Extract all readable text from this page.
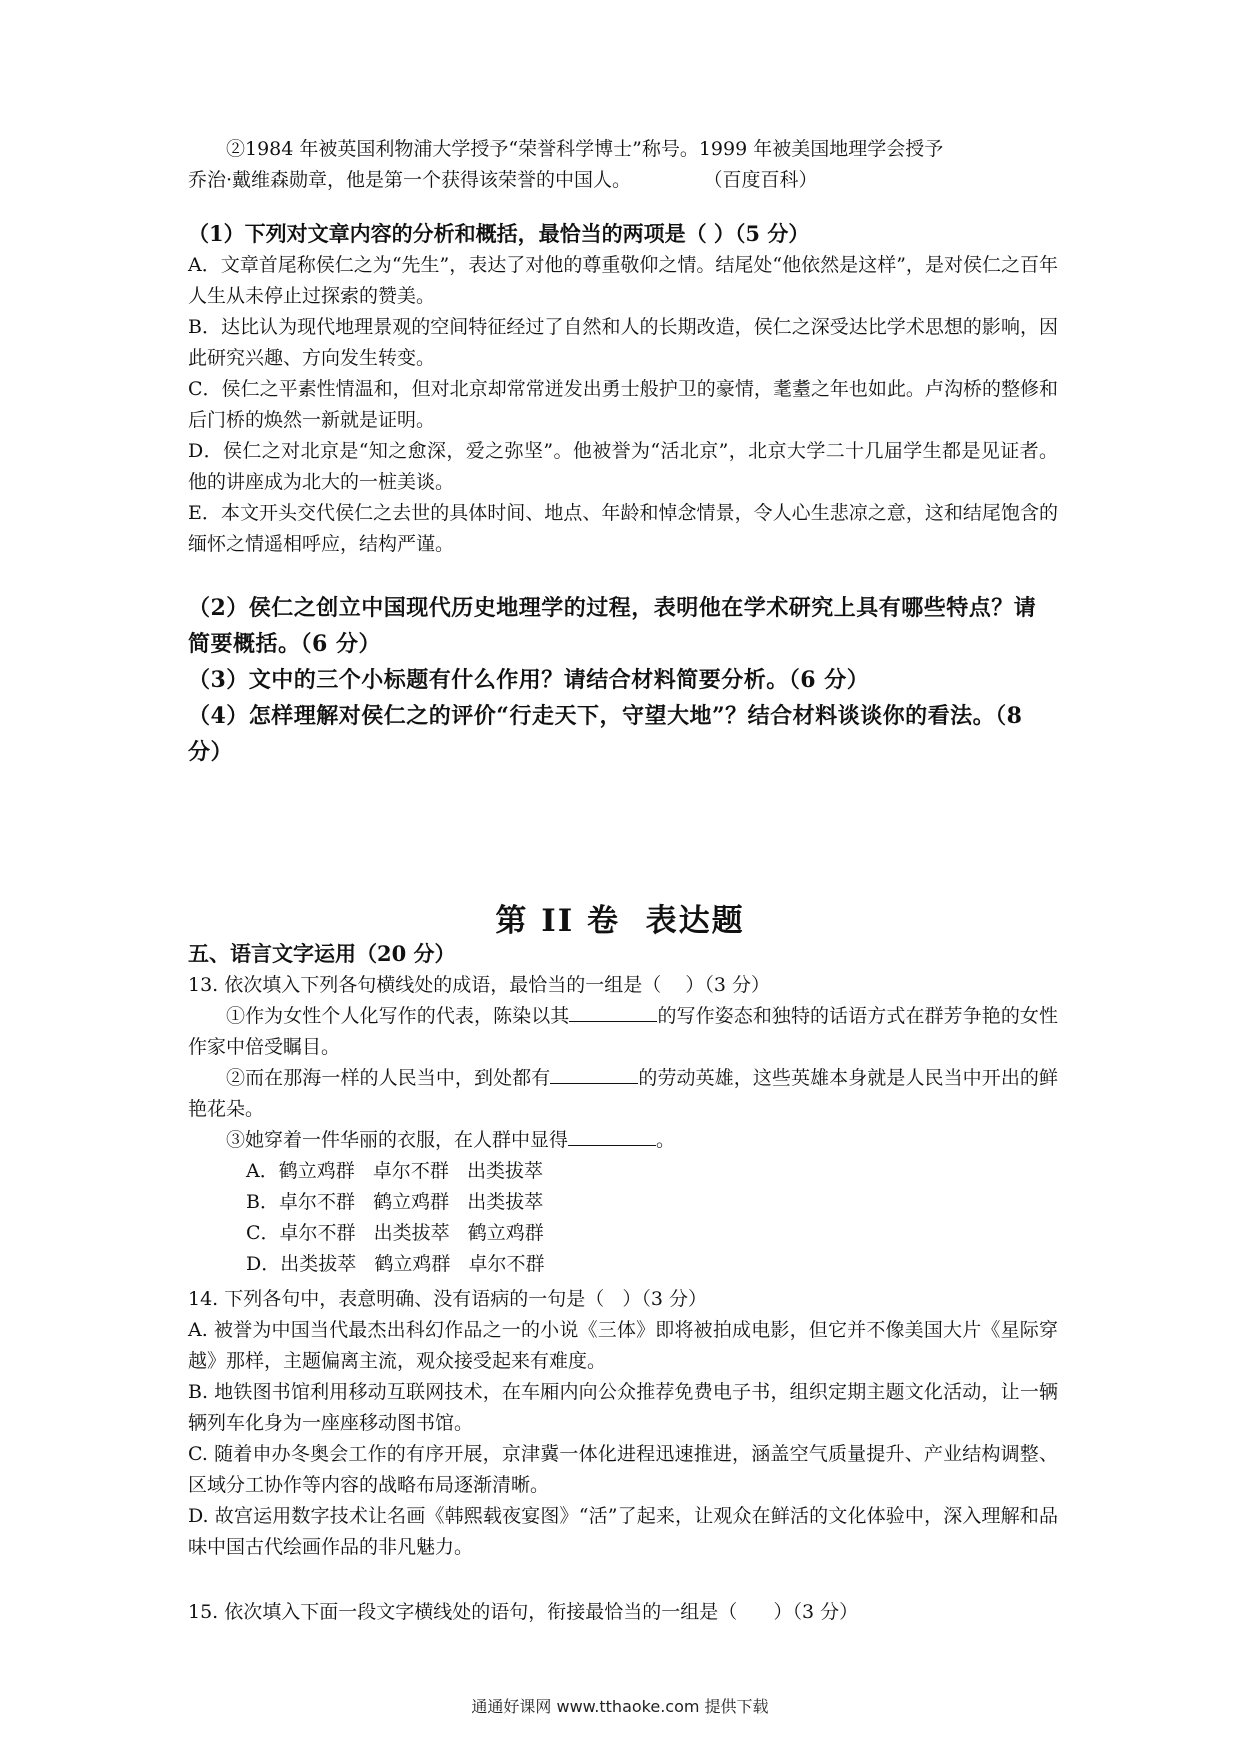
②1984 年被英国利物浦大学授予“荣誉科学博士”称号。1999 年被美国地理学会授予

乔治·戴维森勋章，他是第一个获得该荣誉的中国人。            （百度百科）

（1）下列对文章内容的分析和概括，最恰当的两项是（ ）（5 分）

A．文章首尾称侯仁之为“先生”，表达了对他的尊重敬仰之情。结尾处“他依然是这样”，是对侯仁之百年人生从未停止过探索的赞美。

B．达比认为现代地理景观的空间特征经过了自然和人的长期改造，侯仁之深受达比学术思想的影响，因此研究兴趣、方向发生转变。

C．侯仁之平素性情温和，但对北京却常常迸发出勇士般护卫的豪情，耄耋之年也如此。卢沟桥的整修和后门桥的焕然一新就是证明。

D．侯仁之对北京是“知之愈深，爱之弥坚”。他被誉为“活北京”，北京大学二十几届学生都是见证者。他的讲座成为北大的一桩美谈。

E．本文开头交代侯仁之去世的具体时间、地点、年龄和悼念情景，令人心生悲凉之意，这和结尾饱含的缅怀之情遥相呼应，结构严谨。

（2）侯仁之创立中国现代历史地理学的过程，表明他在学术研究上具有哪些特点？请简要概括。（6 分）

（3）文中的三个小标题有什么作用？请结合材料简要分析。（6 分）

（4）怎样理解对侯仁之的评价“行走天下，守望大地”？结合材料谈谈你的看法。（8 分）

第 II 卷  表达题

五、语言文字运用（20 分）

13. 依次填入下列各句横线处的成语，最恰当的一组是（    ）（3 分）

①作为女性个人化写作的代表，陈染以其	的写作姿态和独特的话语方式在群芳争艳的女性作家中倍受瞩目。

②而在那海一样的人民当中，到处都有	的劳动英雄，这些英雄本身就是人民当中开出的鲜艳花朵。

③她穿着一件华丽的衣服，在人群中显得	。

A．鹤立鸡群   卓尔不群   出类拔萃

B．卓尔不群   鹤立鸡群   出类拔萃

C．卓尔不群   出类拔萃   鹤立鸡群

D．出类拔萃   鹤立鸡群   卓尔不群

14. 下列各句中，表意明确、没有语病的一句是（   ）（3 分）

A. 被誉为中国当代最杰出科幻作品之一的小说《三体》即将被拍成电影，但它并不像美国大片《星际穿越》那样，主题偏离主流，观众接受起来有难度。

B. 地铁图书馆利用移动互联网技术，在车厢内向公众推荐免费电子书，组织定期主题文化活动，让一辆辆列车化身为一座座移动图书馆。

C. 随着申办冬奥会工作的有序开展，京津冀一体化进程迅速推进，涵盖空气质量提升、产业结构调整、区域分工协作等内容的战略布局逐渐清晰。

D. 故宫运用数字技术让名画《韩熙载夜宴图》“活”了起来，让观众在鲜活的文化体验中，深入理解和品味中国古代绘画作品的非凡魅力。

15. 依次填入下面一段文字横线处的语句，衔接最恰当的一组是（      ）（3 分）

通通好课网 www.tthaoke.com 提供下载
